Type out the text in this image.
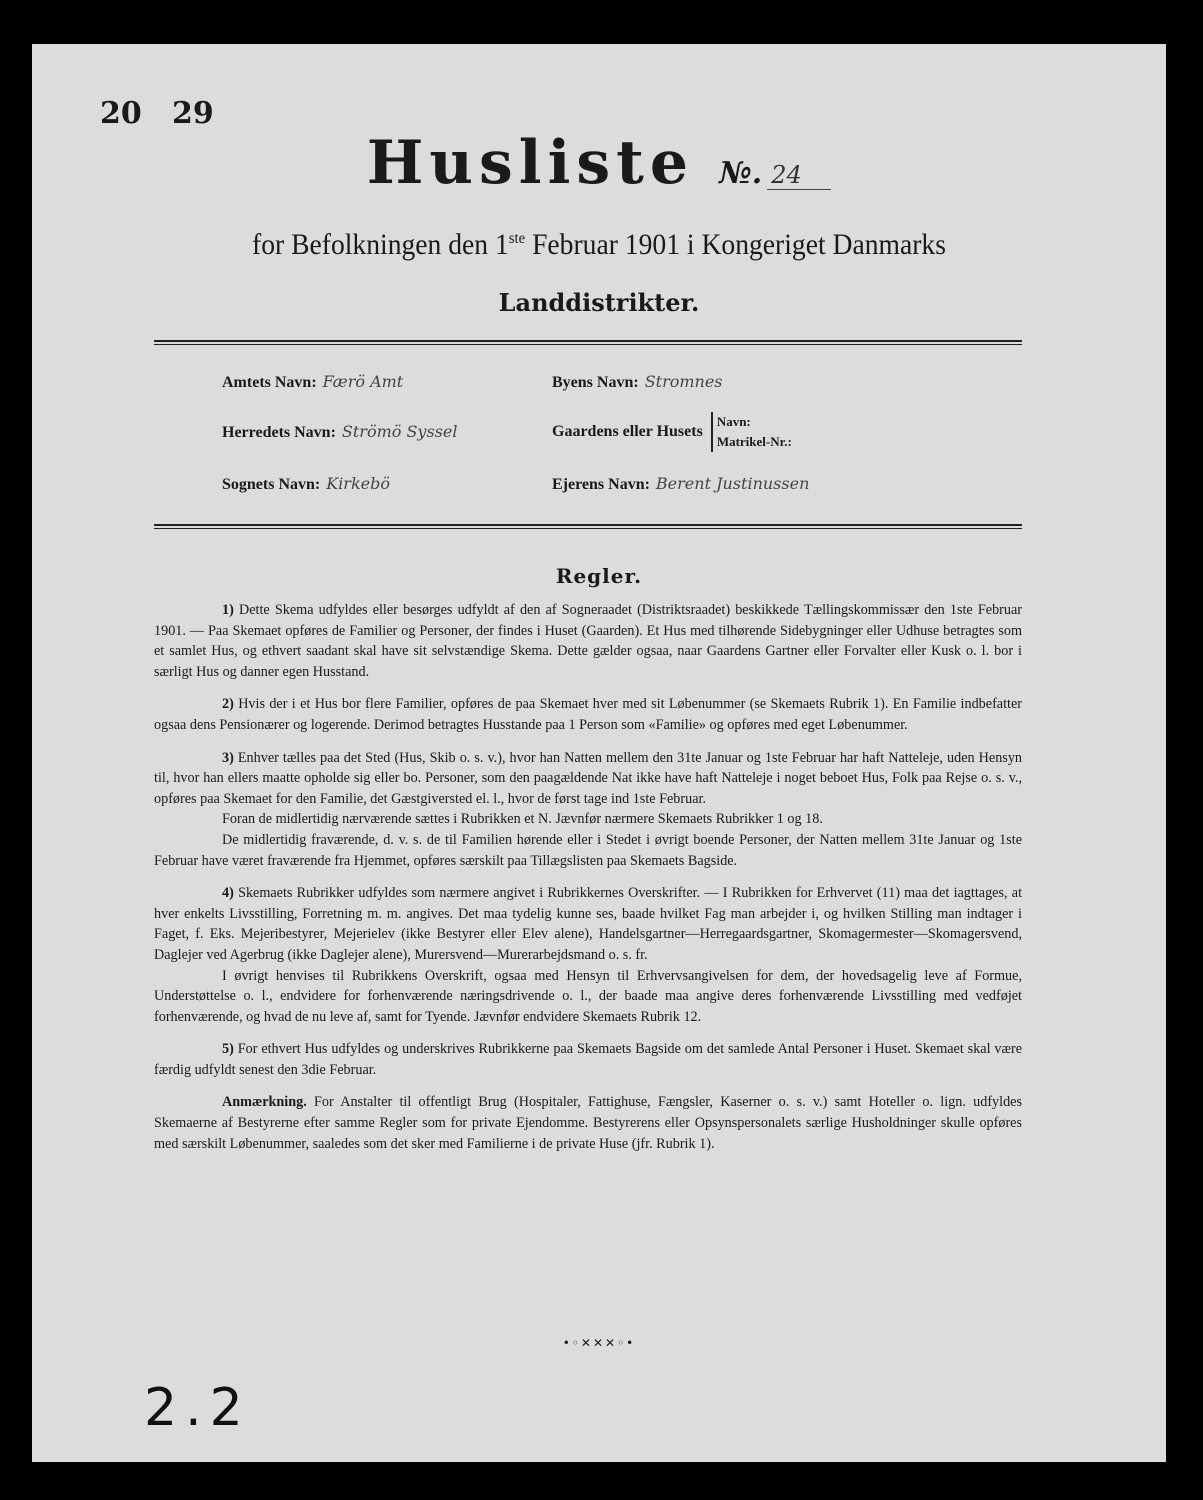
20 29
Husliste №. 24
for Befolkningen den 1ste Februar 1901 i Kongeriget Danmarks
Landdistrikter.
Amtets Navn: Færö Amt
Herredets Navn: Strömö Syssel
Sognets Navn: Kirkebö
Byens Navn: Stromnes
Gaardens eller Husets Navn:
Matrikel-Nr.:
Ejerens Navn: Berent Justinussen
Regler.

1) Dette Skema udfyldes eller besørges udfyldt af den af Sogneraadet (Distriktsraadet) beskikkede Tællingskommissær den 1ste Februar 1901. — Paa Skemaet opføres de Familier og Personer, der findes i Huset (Gaarden). Et Hus med tilhørende Sidebygninger eller Udhuse betragtes som et samlet Hus, og ethvert saadant skal have sit selvstændige Skema. Dette gælder ogsaa, naar Gaardens Gartner eller Forvalter eller Kusk o. l. bor i særligt Hus og danner egen Husstand.

2) Hvis der i et Hus bor flere Familier, opføres de paa Skemaet hver med sit Løbenummer (se Skemaets Rubrik 1). En Familie indbefatter ogsaa dens Pensionærer og logerende. Derimod betragtes Husstande paa 1 Person som «Familie» og opføres med eget Løbenummer.

3) Enhver tælles paa det Sted (Hus, Skib o. s. v.), hvor han Natten mellem den 31te Januar og 1ste Februar har haft Natteleje, uden Hensyn til, hvor han ellers maatte opholde sig eller bo. Personer, som den paagældende Nat ikke have haft Natteleje i noget beboet Hus, Folk paa Rejse o. s. v., opføres paa Skemaet for den Familie, det Gæstgiversted el. l., hvor de først tage ind 1ste Februar.

Foran de midlertidig nærværende sættes i Rubrikken et N. Jævnfør nærmere Skemaets Rubrikker 1 og 18.

De midlertidig fraværende, d. v. s. de til Familien hørende eller i Stedet i øvrigt boende Personer, der Natten mellem 31te Januar og 1ste Februar have været fraværende fra Hjemmet, opføres særskilt paa Tillægslisten paa Skemaets Bagside.

4) Skemaets Rubrikker udfyldes som nærmere angivet i Rubrikkernes Overskrifter. — I Rubrikken for Erhvervet (11) maa det iagttages, at hver enkelts Livsstilling, Forretning m. m. angives. Det maa tydelig kunne ses, baade hvilket Fag man arbejder i, og hvilken Stilling man indtager i Faget, f. Eks. Mejeribestyrer, Mejerielev (ikke Bestyrer eller Elev alene), Handelsgartner—Herregaardsgartner, Skomagermester—Skomagersvend, Daglejer ved Agerbrug (ikke Daglejer alene), Murersvend—Murerarbejdsmand o. s. fr.

I øvrigt henvises til Rubrikkens Overskrift, ogsaa med Hensyn til Erhvervsangivelsen for dem, der hovedsagelig leve af Formue, Understøttelse o. l., endvidere for forhenværende næringsdrivende o. l., der baade maa angive deres forhenværende Livsstilling med vedføjet forhenværende, og hvad de nu leve af, samt for Tyende. Jævnfør endvidere Skemaets Rubrik 12.

5) For ethvert Hus udfyldes og underskrives Rubrikkerne paa Skemaets Bagside om det samlede Antal Personer i Huset. Skemaet skal være færdig udfyldt senest den 3die Februar.

Anmærkning. For Anstalter til offentligt Brug (Hospitaler, Fattighuse, Fængsler, Kaserner o. s. v.) samt Hoteller o. lign. udfyldes Skemaerne af Bestyrerne efter samme Regler som for private Ejendomme. Bestyrerens eller Opsynspersonalets særlige Husholdninger skulle opføres med særskilt Løbenummer, saaledes som det sker med Familierne i de private Huse (jfr. Rubrik 1).

•◦✕✕✕◦•
2.2
